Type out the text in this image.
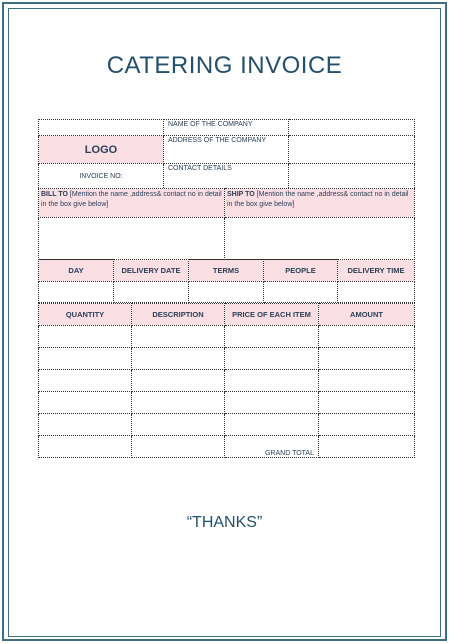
CATERING INVOICE
	NAME OF THE COMPANY	
LOGO	ADDRESS OF THE COMPANY	
INVOICE NO:	CONTACT DETAILS	
BILL TO [Mention the name ,address& contact no in detail in the box give below]	SHIP TO [Mention the name ,address& contact no in detail in the box give below]

DAY	DELIVERY DATE	TERMS	PEOPLE	DELIVERY TIME

QUANTITY	DESCRIPTION	PRICE OF EACH ITEM	AMOUNT

		GRAND TOTAL	
“THANKS”
